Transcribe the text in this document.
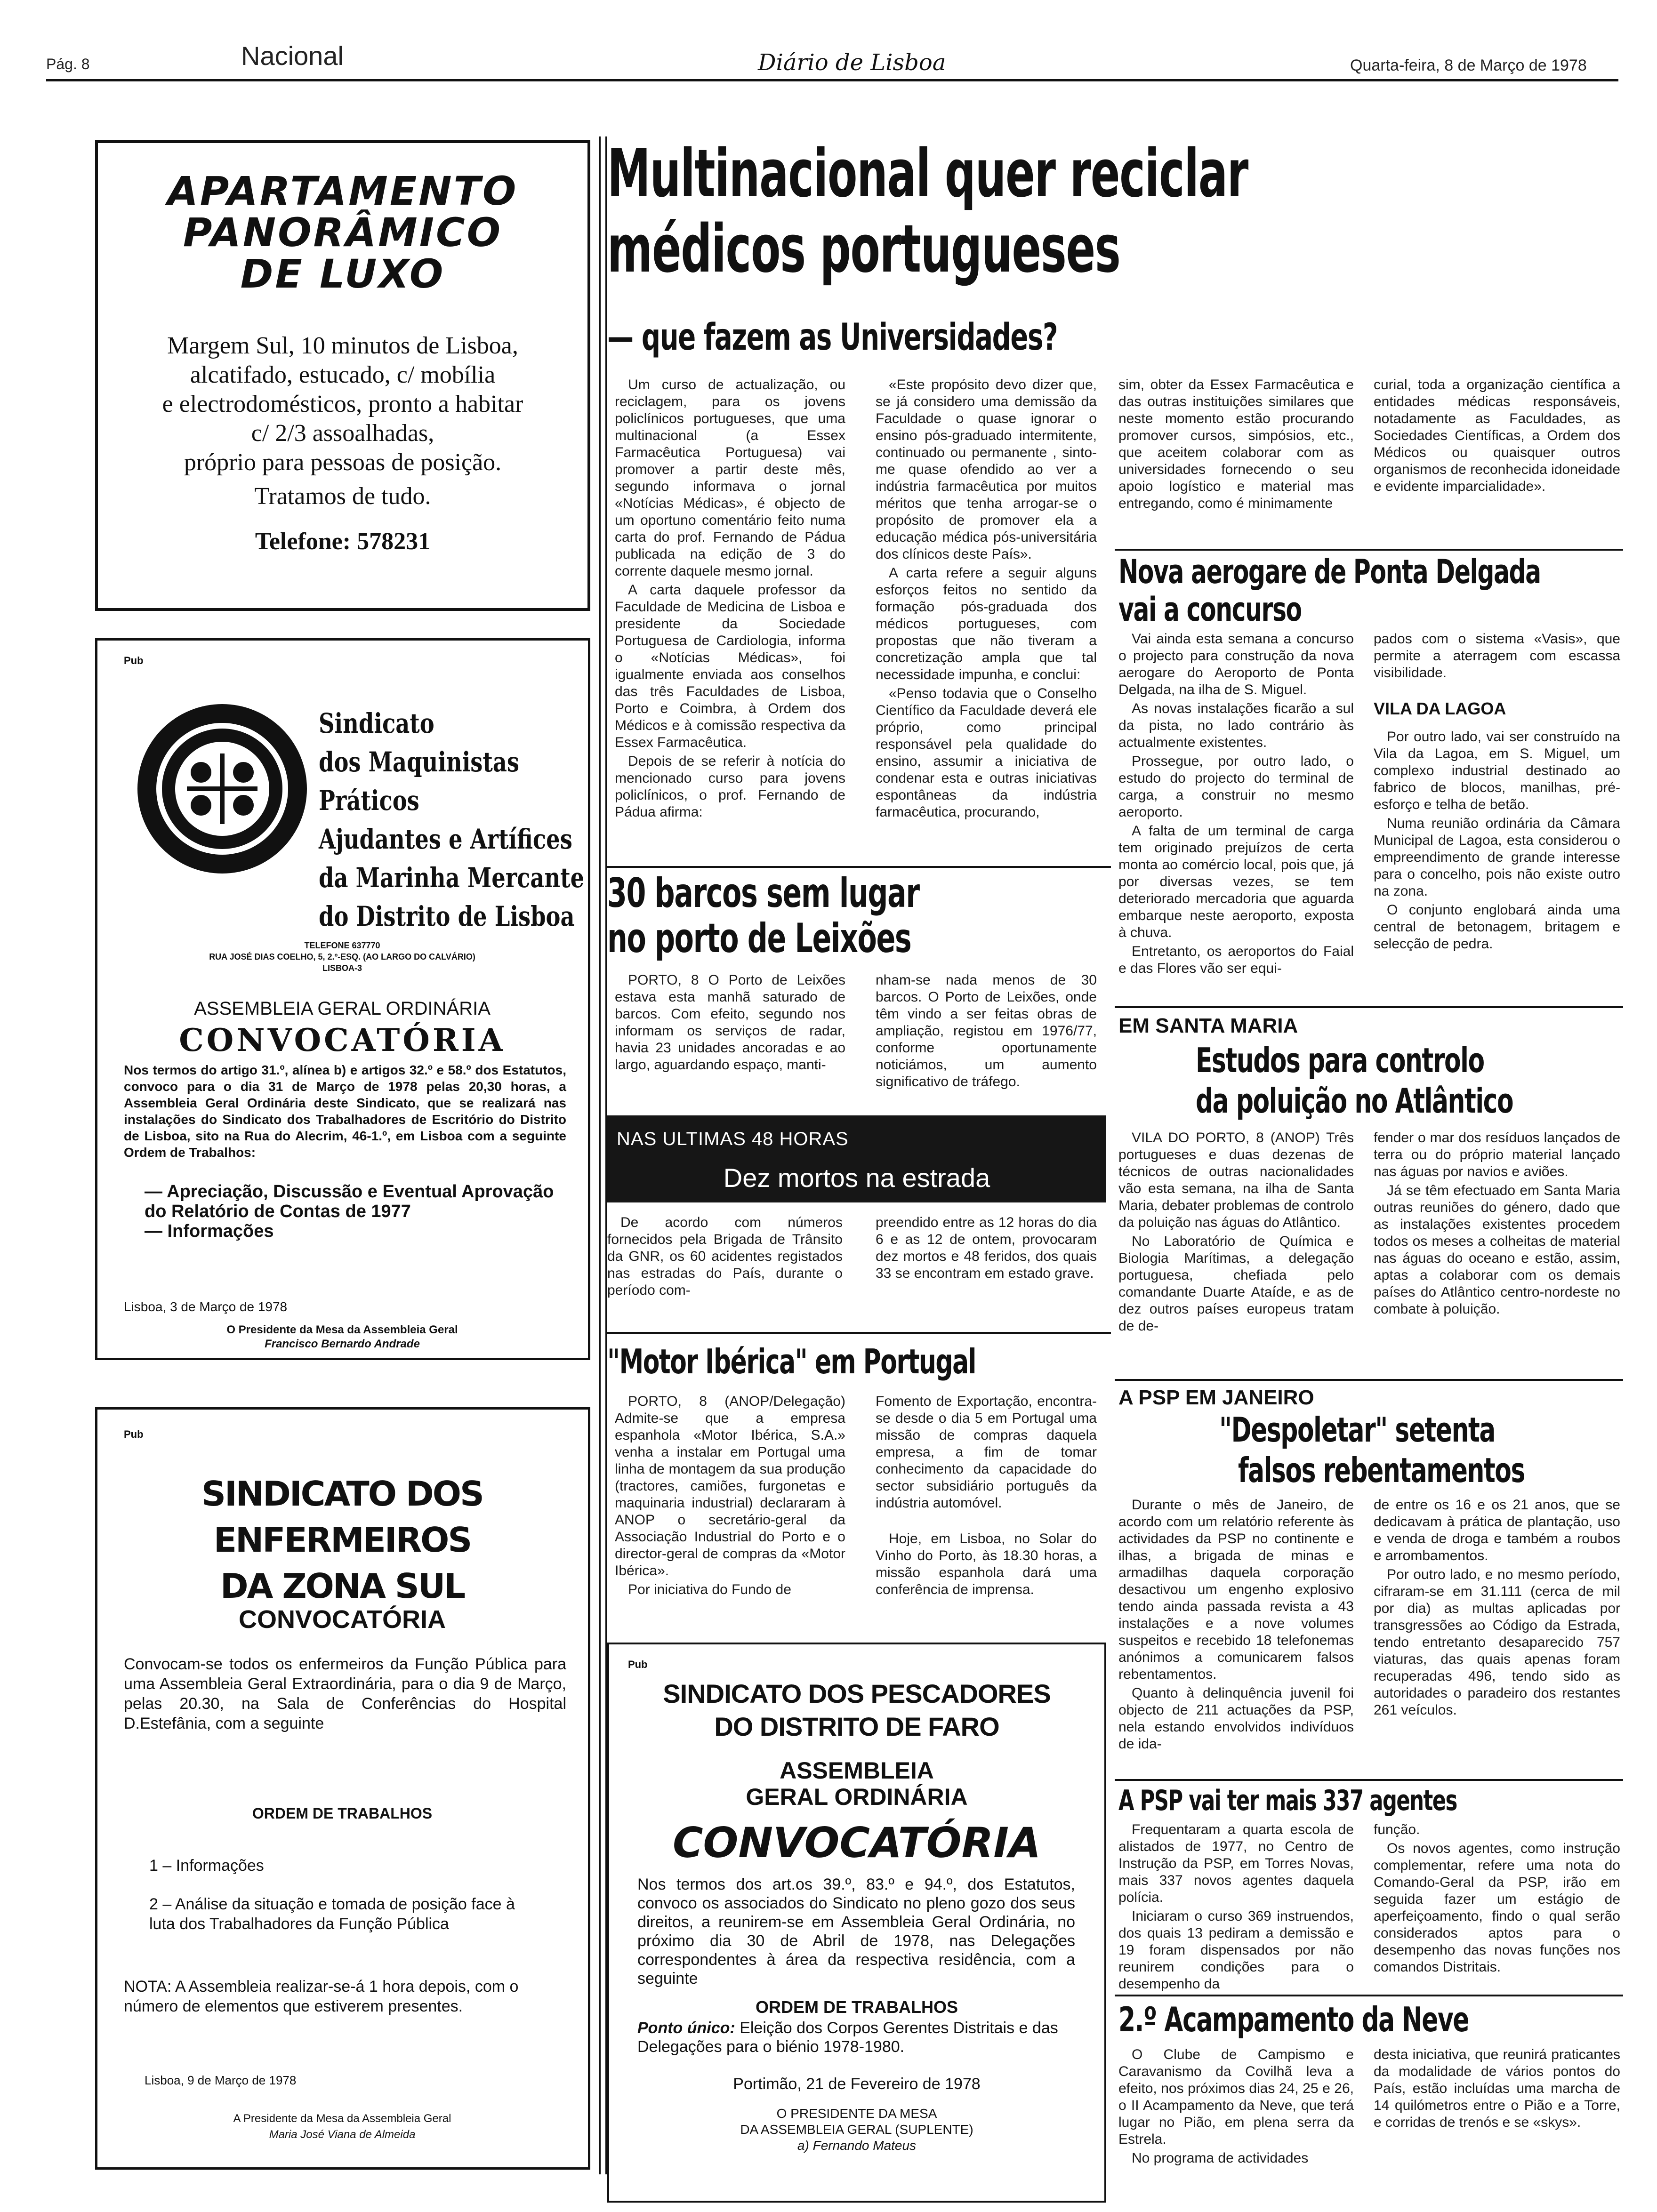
Pág. 8	Nacional	Diário de Lisboa	Quarta-feira, 8 de Março de 1978
APARTAMENTO
PANORÂMICO
DE LUXO
Margem Sul, 10 minutos de Lisboa,
alcatifado, estucado, c/ mobília
e electrodomésticos, pronto a habitar
c/ 2/3 assoalhadas,
próprio para pessoas de posição.
Tratamos de tudo.
Telefone: 578231
Pub
Sindicato
dos Maquinistas Práticos
Ajudantes e Artífices
da Marinha Mercante
do Distrito de Lisboa
TELEFONE 637770
RUA JOSÉ DIAS COELHO, 5, 2.º-ESQ. (AO LARGO DO CALVÁRIO)
LISBOA-3
ASSEMBLEIA GERAL ORDINÁRIA
CONVOCATÓRIA
Nos termos do artigo 31.º, alínea b) e artigos 32.º e 58.º dos Estatutos, convoco para o dia 31 de Março de 1978 pelas 20,30 horas, a Assembleia Geral Ordinária deste Sindicato, que se realizará nas instalações do Sindicato dos Trabalhadores de Escritório do Distrito de Lisboa, sito na Rua do Alecrim, 46-1.º, em Lisboa com a seguinte Ordem de Trabalhos:
— Apreciação, Discussão e Eventual Aprovação do Relatório de Contas de 1977
— Informações
Lisboa, 3 de Março de 1978
O Presidente da Mesa da Assembleia Geral
Francisco Bernardo Andrade
Pub
SINDICATO DOS ENFERMEIROS
DA ZONA SUL
CONVOCATÓRIA
Convocam-se todos os enfermeiros da Função Pública para uma Assembleia Geral Extraordinária, para o dia 9 de Março, pelas 20.30, na Sala de Conferências do Hospital D.Estefânia, com a seguinte
ORDEM DE TRABALHOS
1 – Informações
2 – Análise da situação e tomada de posição face à luta dos Trabalhadores da Função Pública
NOTA: A Assembleia realizar-se-á 1 hora depois, com o número de elementos que estiverem presentes.
Lisboa, 9 de Março de 1978
A Presidente da Mesa da Assembleia Geral
Maria José Viana de Almeida
Multinacional quer reciclar
médicos portugueses
— que fazem as Universidades?

Um curso de actualização, ou reciclagem, para os jovens policlínicos portugueses, que uma multinacional (a Essex Farmacêutica Portuguesa) vai promover a partir deste mês, segundo informava o jornal «Notícias Médicas», é objecto de um oportuno comentário feito numa carta do prof. Fernando de Pádua publicada na edição de 3 do corrente daquele mesmo jornal.

A carta daquele professor da Faculdade de Medicina de Lisboa e presidente da Sociedade Portuguesa de Cardiologia, informa o «Notícias Médicas», foi igualmente enviada aos conselhos das três Faculdades de Lisboa, Porto e Coimbra, à Ordem dos Médicos e à comissão respectiva da Essex Farmacêutica.

Depois de se referir à notícia do mencionado curso para jovens policlínicos, o prof. Fernando de Pádua afirma:

«Este propósito devo dizer que, se já considero uma demissão da Faculdade o quase ignorar o ensino pós-graduado intermitente, continuado ou permanente , sinto-me quase ofendido ao ver a indústria farmacêutica por muitos méritos que tenha arrogar-se o propósito de promover ela a educação médica pós-universitária dos clínicos deste País».

A carta refere a seguir alguns esforços feitos no sentido da formação pós-graduada dos médicos portugueses, com propostas que não tiveram a concretização ampla que tal necessidade impunha, e conclui:

«Penso todavia que o Conselho Científico da Faculdade deverá ele próprio, como principal responsável pela qualidade do ensino, assumir a iniciativa de condenar esta e outras iniciativas espontâneas da indústria farmacêutica, procurando,

sim, obter da Essex Farmacêutica e das outras instituições similares que neste momento estão procurando promover cursos, simpósios, etc., que aceitem colaborar com as universidades fornecendo o seu apoio logístico e material mas entregando, como é minimamente

curial, toda a organização científica a entidades médicas responsáveis, notadamente as Faculdades, as Sociedades Científicas, a Ordem dos Médicos ou quaisquer outros organismos de reconhecida idoneidade e evidente imparcialidade».

Nova aerogare de Ponta Delgada
vai a concurso

Vai ainda esta semana a concurso o projecto para construção da nova aerogare do Aeroporto de Ponta Delgada, na ilha de S. Miguel.

As novas instalações ficarão a sul da pista, no lado contrário às actualmente existentes.

Prossegue, por outro lado, o estudo do projecto do terminal de carga, a construir no mesmo aeroporto.

A falta de um terminal de carga tem originado prejuízos de certa monta ao comércio local, pois que, já por diversas vezes, se tem deteriorado mercadoria que aguarda embarque neste aeroporto, exposta à chuva.

Entretanto, os aeroportos do Faial e das Flores vão ser equi-

pados com o sistema «Vasis», que permite a aterragem com escassa visibilidade.

VILA DA LAGOA

Por outro lado, vai ser construído na Vila da Lagoa, em S. Miguel, um complexo industrial destinado ao fabrico de blocos, manilhas, pré-esforço e telha de betão.

Numa reunião ordinária da Câmara Municipal de Lagoa, esta considerou o empreendimento de grande interesse para o concelho, pois não existe outro na zona.

O conjunto englobará ainda uma central de betonagem, britagem e selecção de pedra.

30 barcos sem lugar
no porto de Leixões

PORTO, 8 O Porto de Leixões estava esta manhã saturado de barcos. Com efeito, segundo nos informam os serviços de radar, havia 23 unidades ancoradas e ao largo, aguardando espaço, manti-

nham-se nada menos de 30 barcos. O Porto de Leixões, onde têm vindo a ser feitas obras de ampliação, registou em 1976/77, conforme oportunamente noticiámos, um aumento significativo de tráfego.

NAS ULTIMAS 48 HORAS
Dez mortos na estrada

De acordo com números fornecidos pela Brigada de Trânsito da GNR, os 60 acidentes registados nas estradas do País, durante o período com-

preendido entre as 12 horas do dia 6 e as 12 de ontem, provocaram dez mortos e 48 feridos, dos quais 33 se encontram em estado grave.

"Motor Ibérica" em Portugal

PORTO, 8 (ANOP/Delegação) Admite-se que a empresa espanhola «Motor Ibérica, S.A.» venha a instalar em Portugal uma linha de montagem da sua produção (tractores, camiões, furgonetas e maquinaria industrial) declararam à ANOP o secretário-geral da Associação Industrial do Porto e o director-geral de compras da «Motor Ibérica».

Por iniciativa do Fundo de

Fomento de Exportação, encontra-se desde o dia 5 em Portugal uma missão de compras daquela empresa, a fim de tomar conhecimento da capacidade do sector subsidiário português da indústria automóvel.

Hoje, em Lisboa, no Solar do Vinho do Porto, às 18.30 horas, a missão espanhola dará uma conferência de imprensa.

Pub
SINDICATO DOS PESCADORES
DO DISTRITO DE FARO
ASSEMBLEIA
GERAL ORDINÁRIA
CONVOCATÓRIA
Nos termos dos art.os 39.º, 83.º e 94.º, dos Estatutos, convoco os associados do Sindicato no pleno gozo dos seus direitos, a reunirem-se em Assembleia Geral Ordinária, no próximo dia 30 de Abril de 1978, nas Delegações correspondentes à área da respectiva residência, com a seguinte
ORDEM DE TRABALHOS
Ponto único: Eleição dos Corpos Gerentes Distritais e das Delegações para o biénio 1978-1980.
Portimão, 21 de Fevereiro de 1978
O PRESIDENTE DA MESA
DA ASSEMBLEIA GERAL (SUPLENTE)
a) Fernando Mateus
EM SANTA MARIA
Estudos para controlo
da poluição no Atlântico

VILA DO PORTO, 8 (ANOP) Três portugueses e duas dezenas de técnicos de outras nacionalidades vão esta semana, na ilha de Santa Maria, debater problemas de controlo da poluição nas águas do Atlântico.

No Laboratório de Química e Biologia Marítimas, a delegação portuguesa, chefiada pelo comandante Duarte Ataíde, e as de dez outros países europeus tratam de de-

fender o mar dos resíduos lançados de terra ou do próprio material lançado nas águas por navios e aviões.

Já se têm efectuado em Santa Maria outras reuniões do género, dado que as instalações existentes procedem todos os meses a colheitas de material nas águas do oceano e estão, assim, aptas a colaborar com os demais países do Atlântico centro-nordeste no combate à poluição.

A PSP EM JANEIRO
"Despoletar" setenta
falsos rebentamentos

Durante o mês de Janeiro, de acordo com um relatório referente às actividades da PSP no continente e ilhas, a brigada de minas e armadilhas daquela corporação desactivou um engenho explosivo tendo ainda passada revista a 43 instalações e a nove volumes suspeitos e recebido 18 telefonemas anónimos a comunicarem falsos rebentamentos.

Quanto à delinquência juvenil foi objecto de 211 actuações da PSP, nela estando envolvidos indivíduos de ida-

de entre os 16 e os 21 anos, que se dedicavam à prática de plantação, uso e venda de droga e também a roubos e arrombamentos.

Por outro lado, e no mesmo período, cifraram-se em 31.111 (cerca de mil por dia) as multas aplicadas por transgressões ao Código da Estrada, tendo entretanto desaparecido 757 viaturas, das quais apenas foram recuperadas 496, tendo sido as autoridades o paradeiro dos restantes 261 veículos.

A PSP vai ter mais 337 agentes

Frequentaram a quarta escola de alistados de 1977, no Centro de Instrução da PSP, em Torres Novas, mais 337 novos agentes daquela polícia.

Iniciaram o curso 369 instruendos, dos quais 13 pediram a demissão e 19 foram dispensados por não reunirem condições para o desempenho da

função.

Os novos agentes, como instrução complementar, refere uma nota do Comando-Geral da PSP, irão em seguida fazer um estágio de aperfeiçoamento, findo o qual serão considerados aptos para o desempenho das novas funções nos comandos Distritais.

2.º Acampamento da Neve

O Clube de Campismo e Caravanismo da Covilhã leva a efeito, nos próximos dias 24, 25 e 26, o II Acampamento da Neve, que terá lugar no Pião, em plena serra da Estrela.

No programa de actividades

desta iniciativa, que reunirá praticantes da modalidade de vários pontos do País, estão incluídas uma marcha de 14 quilómetros entre o Pião e a Torre, e corridas de trenós e se «skys».
